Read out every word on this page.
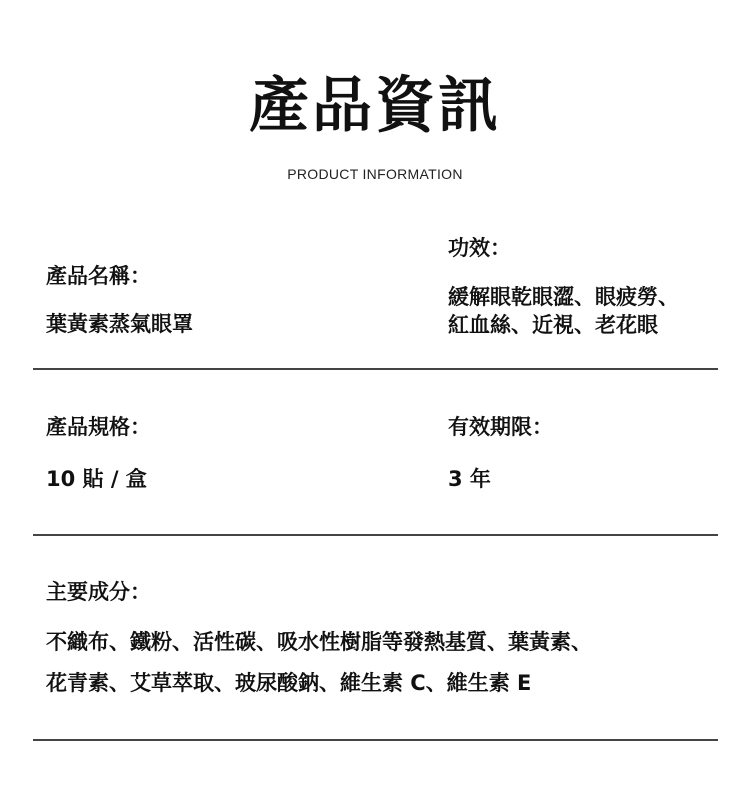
產品資訊
PRODUCT INFORMATION
產品名稱：
葉黃素蒸氣眼罩
功效：
緩解眼乾眼澀、眼疲勞、
紅血絲、近視、老花眼
產品規格：
10 貼 / 盒
有效期限：
3 年
主要成分：
不織布、鐵粉、活性碳、吸水性樹脂等發熱基質、葉黃素、
花青素、艾草萃取、玻尿酸鈉、維生素 C、維生素 E
